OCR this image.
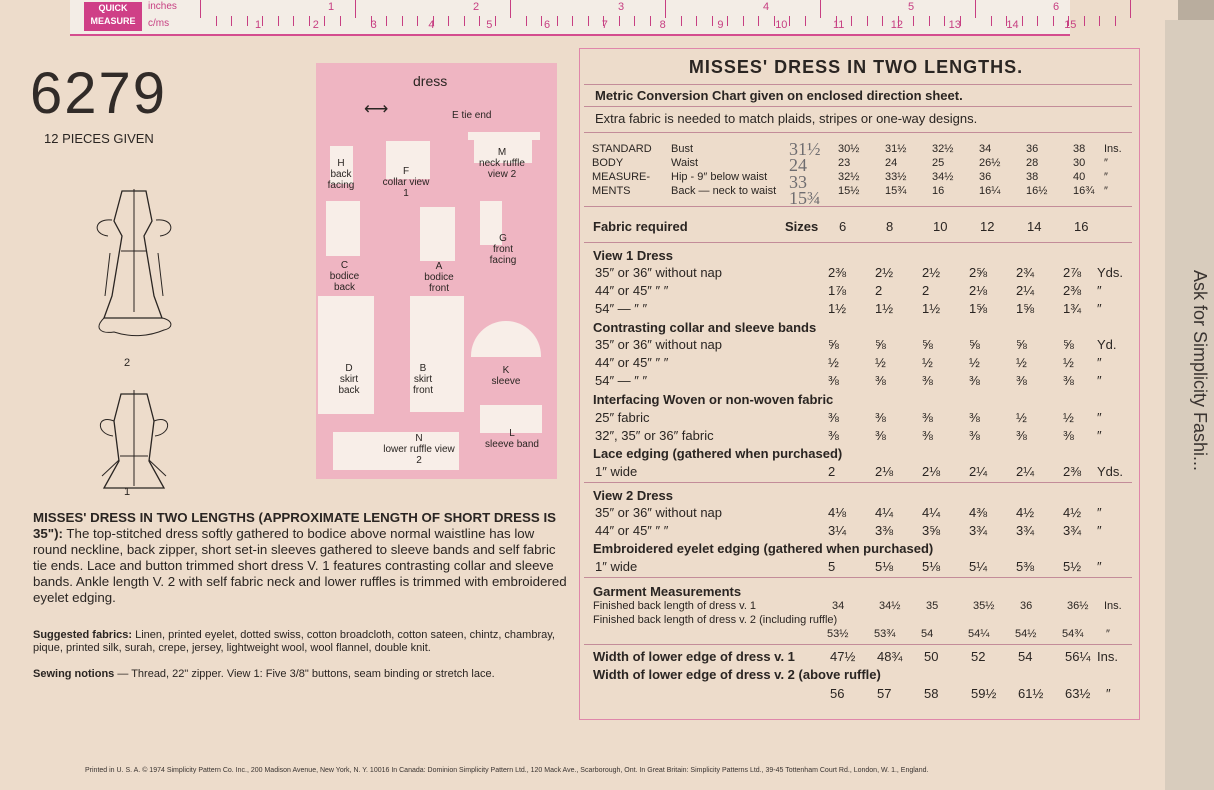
Ask for Simplicity Fashi...
QUICK
MEASURE
inches
c/ms
1	2	3	4	5	6
1	2	3	4	5	6	7	8	9	10	11	12	13	14	15
6279
12 PIECES GIVEN
2
1
dress
⟷	E tie end
H
back facing
F
collar view 1
M
neck ruffle view 2
G
front facing
C
bodice back
A
bodice front
D
skirt back
B
skirt front
K
sleeve
N
lower ruffle view 2
L
sleeve band
MISSES' DRESS IN TWO LENGTHS (APPROXIMATE LENGTH OF SHORT DRESS IS 35"): The top-stitched dress softly gathered to bodice above normal waistline has low round neckline, back zipper, short set-in sleeves gathered to sleeve bands and self fabric tie ends. Lace and button trimmed short dress V. 1 features contrasting collar and sleeve bands. Ankle length V. 2 with self fabric neck and lower ruffles is trimmed with embroidered eyelet edging.
Suggested fabrics: Linen, printed eyelet, dotted swiss, cotton broadcloth, cotton sateen, chintz, chambray, pique, printed silk, surah, crepe, jersey, lightweight wool, wool flannel, double knit.

Sewing notions — Thread, 22" zipper. View 1: Five 3/8" buttons, seam binding or stretch lace.
MISSES' DRESS IN TWO LENGTHS.
Metric Conversion Chart given on enclosed direction sheet.
Extra fabric is needed to match plaids, stripes or one-way designs.
STANDARD
BODY
MEASURE-
MENTS
Bust	30½ 31½ 32½ 34	36	38 Ins.
Waist	23	24	25	26½ 28	30 ″
Hip - 9″ below waist	32½ 33½ 34½ 36	38	40 ″
Back — neck to waist	15½ 15¾ 16	16¼ 16½ 16¾ ″
Fabric required	Sizes 6	8	10	12	14	16
View 1 Dress
35″ or 36″ without nap	2⅜ 2½ 2½ 2⅝ 2¾ 2⅞ Yds.
44″ or 45″ ″ ″	1⅞ 2	2	2⅛ 2¼ 2⅜ ″
54″ — ″ ″	1½ 1½ 1½ 1⅝ 1⅝ 1¾ ″
Contrasting collar and sleeve bands
35″ or 36″ without nap	⅝	⅝	⅝	⅝	⅝	⅝ Yd.
44″ or 45″ ″ ″	½	½	½	½	½	½ ″
54″ — ″ ″	⅜	⅜	⅜	⅜	⅜	⅜ ″
Interfacing Woven or non-woven fabric
25″ fabric	⅜	⅜	⅜	⅜	½	½ ″
32″, 35″ or 36″ fabric	⅜	⅜	⅜	⅜	⅜	⅜ ″
Lace edging (gathered when purchased)
1″ wide	2	2⅛ 2⅛ 2¼ 2¼ 2⅜ Yds.
View 2 Dress
35″ or 36″ without nap	4⅛ 4¼ 4¼ 4⅜ 4½ 4½ ″
44″ or 45″ ″ ″	3¼ 3⅜ 3⅝ 3¾ 3¾ 3¾ ″
Embroidered eyelet edging (gathered when purchased)
1″ wide	5	5⅛ 5⅛ 5¼ 5⅜ 5½ ″
Garment Measurements
Finished back length of dress v. 1	34	34½ 35	35½ 36	36½ Ins.
Finished back length of dress v. 2 (including ruffle)
53½ 53¾ 54	54¼ 54½ 54¾ ″
Width of lower edge of dress v. 1	47½ 48¾ 50	52	54	56¼ Ins.
Width of lower edge of dress v. 2 (above ruffle)
56	57	58	59½ 61½ 63½ ″
31½
24
33
15¾
Printed in U. S. A. © 1974 Simplicity Pattern Co. Inc., 200 Madison Avenue, New York, N. Y. 10016 In Canada: Dominion Simplicity Pattern Ltd., 120 Mack Ave., Scarborough, Ont. In Great Britain: Simplicity Patterns Ltd., 39-45 Tottenham Court Rd., London, W. 1., England.
